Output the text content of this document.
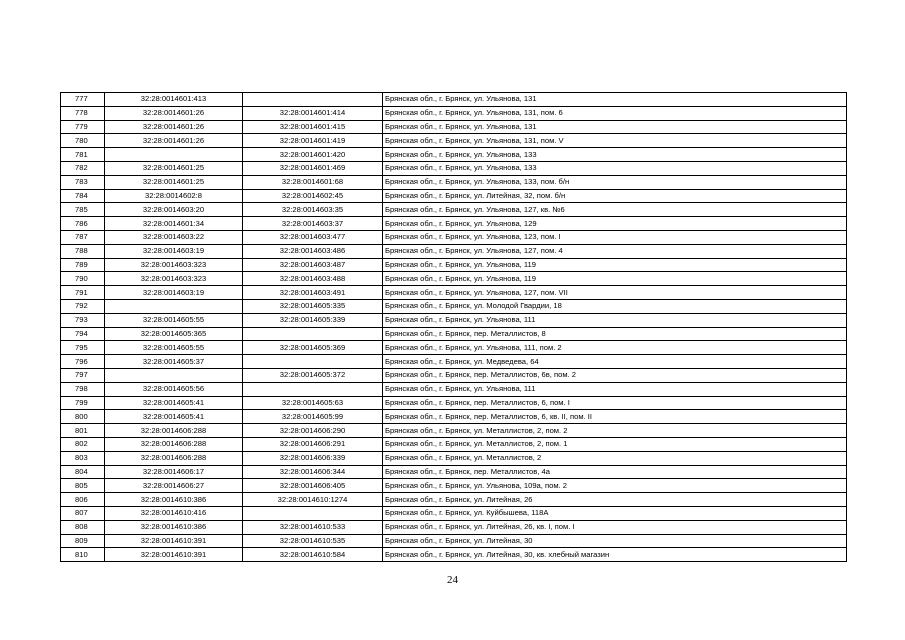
777	32:28:0014601:413		Брянская обл., г. Брянск, ул. Ульянова, 131
778	32:28:0014601:26	32:28:0014601:414	Брянская обл., г. Брянск, ул. Ульянова, 131, пом. 6
779	32:28:0014601:26	32:28:0014601:415	Брянская обл., г. Брянск, ул. Ульянова, 131
780	32:28:0014601:26	32:28:0014601:419	Брянская обл., г. Брянск, ул. Ульянова, 131, пом. V
781		32:28:0014601:420	Брянская обл., г. Брянск, ул. Ульянова, 133
782	32:28:0014601:25	32:28:0014601:469	Брянская обл., г. Брянск, ул. Ульянова, 133
783	32:28:0014601:25	32:28:0014601:68	Брянская обл., г. Брянск, ул. Ульянова, 133, пом. б/н
784	32:28:0014602:8	32:28:0014602:45	Брянская обл., г. Брянск, ул. Литейная, 32, пом. б/н
785	32:28:0014603:20	32:28:0014603:35	Брянская обл., г. Брянск, ул. Ульянова, 127, кв. №6
786	32:28:0014601:34	32:28:0014603:37	Брянская обл., г. Брянск, ул. Ульянова, 129
787	32:28:0014603:22	32:28:0014603:477	Брянская обл., г. Брянск, ул. Ульянова, 123, пом. I
788	32:28:0014603:19	32:28:0014603:486	Брянская обл., г. Брянск, ул. Ульянова, 127, пом. 4
789	32:28:0014603:323	32:28:0014603:487	Брянская обл., г. Брянск, ул. Ульянова, 119
790	32:28:0014603:323	32:28:0014603:488	Брянская обл., г. Брянск, ул. Ульянова, 119
791	32:28:0014603:19	32:28:0014603:491	Брянская обл., г. Брянск, ул. Ульянова, 127, пом. VII
792		32:28:0014605:335	Брянская обл., г. Брянск, ул. Молодой Гвардии, 18
793	32:28:0014605:55	32:28:0014605:339	Брянская обл., г. Брянск, ул. Ульянова, 111
794	32:28:0014605:365		Брянская обл., г. Брянск, пер. Металлистов, 8
795	32:28:0014605:55	32:28:0014605:369	Брянская обл., г. Брянск, ул. Ульянова, 111, пом. 2
796	32:28:0014605:37		Брянская обл., г. Брянск, ул. Медведева, 64
797		32:28:0014605:372	Брянская обл., г. Брянск, пер. Металлистов, 6в, пом. 2
798	32:28:0014605:56		Брянская обл., г. Брянск, ул. Ульянова, 111
799	32:28:0014605:41	32:28:0014605:63	Брянская обл., г. Брянск, пер. Металлистов, 6, пом. I
800	32:28:0014605:41	32:28:0014605:99	Брянская обл., г. Брянск, пер. Металлистов, 6, кв. II, пом. II
801	32:28:0014606:288	32:28:0014606:290	Брянская обл., г. Брянск, ул. Металлистов, 2, пом. 2
802	32:28:0014606:288	32:28:0014606:291	Брянская обл., г. Брянск, ул. Металлистов, 2, пом. 1
803	32:28:0014606:288	32:28:0014606:339	Брянская обл., г. Брянск, ул. Металлистов, 2
804	32:28:0014606:17	32:28:0014606:344	Брянская обл., г. Брянск, пер. Металлистов, 4а
805	32:28:0014606:27	32:28:0014606:405	Брянская обл., г. Брянск, ул. Ульянова, 109а, пом. 2
806	32:28:0014610:386	32:28:0014610:1274	Брянская обл., г. Брянск, ул. Литейная, 26
807	32:28:0014610:416		Брянская обл., г. Брянск, ул. Куйбышева, 118А
808	32:28:0014610:386	32:28:0014610:533	Брянская обл., г. Брянск, ул. Литейная, 26, кв. I, пом. I
809	32:28:0014610:391	32:28:0014610:535	Брянская обл., г. Брянск, ул. Литейная, 30
810	32:28:0014610:391	32:28:0014610:584	Брянская обл., г. Брянск, ул. Литейная, 30, кв. хлебный магазин
24
